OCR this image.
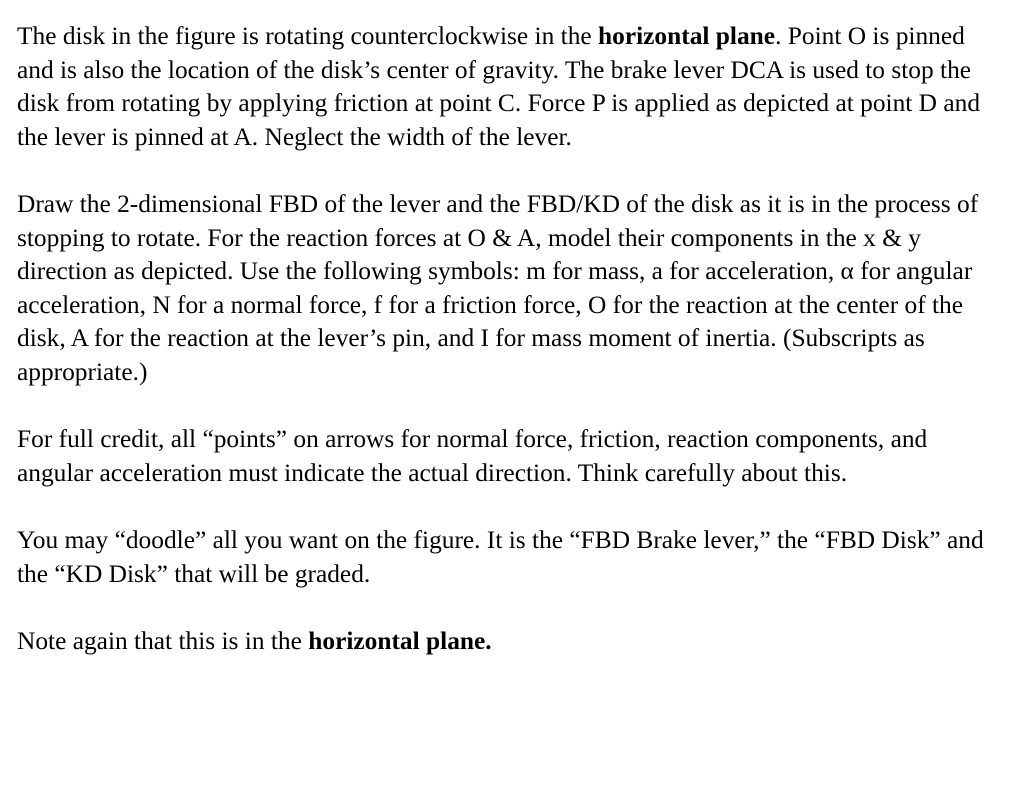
The disk in the figure is rotating counterclockwise in the horizontal plane. Point O is pinned and is also the location of the disk’s center of gravity. The brake lever DCA is used to stop the disk from rotating by applying friction at point C. Force P is applied as depicted at point D and the lever is pinned at A. Neglect the width of the lever.

Draw the 2-dimensional FBD of the lever and the FBD/KD of the disk as it is in the process of stopping to rotate. For the reaction forces at O & A, model their components in the x & y direction as depicted. Use the following symbols: m for mass, a for acceleration, α for angular acceleration, N for a normal force, f for a friction force, O for the reaction at the center of the disk, A for the reaction at the lever’s pin, and I for mass moment of inertia. (Subscripts as appropriate.)

For full credit, all “points” on arrows for normal force, friction, reaction components, and angular acceleration must indicate the actual direction. Think carefully about this.

You may “doodle” all you want on the figure. It is the “FBD Brake lever,” the “FBD Disk” and the “KD Disk” that will be graded.

Note again that this is in the horizontal plane.
